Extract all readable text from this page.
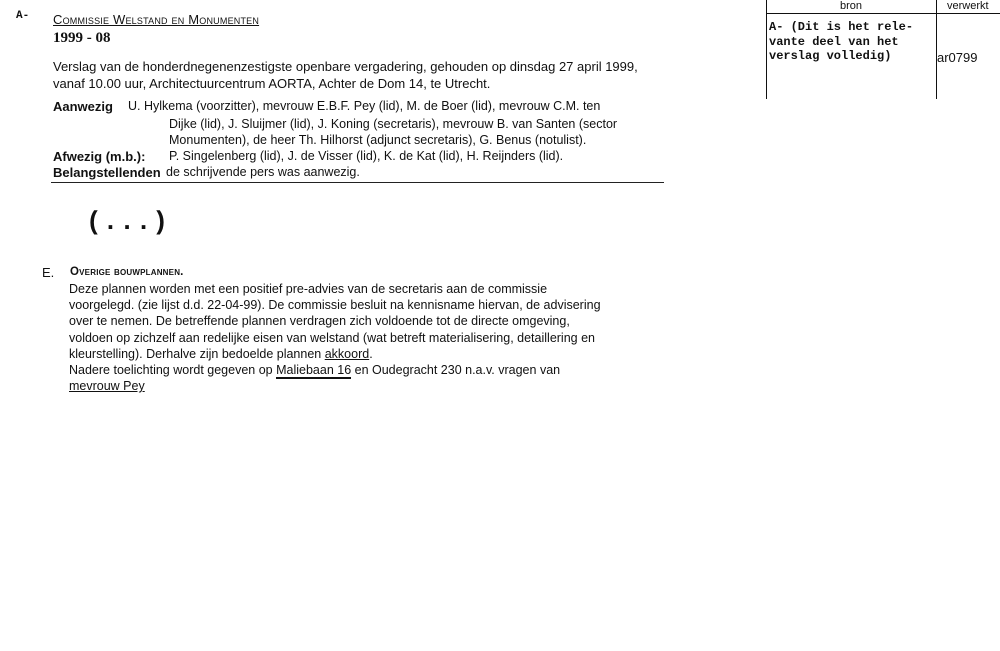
A- Commissie Welstand en Monumenten
1999 - 08
Verslag van de honderdnegenenzestigste openbare vergadering, gehouden op dinsdag 27 april 1999,
vanaf 10.00 uur, Architectuurcentrum AORTA, Achter de Dom 14, te Utrecht.
Aanwezig U. Hylkema (voorzitter), mevrouw E.B.F. Pey (lid), M. de Boer (lid), mevrouw C.M. ten
Dijke (lid), J. Sluijmer (lid), J. Koning (secretaris), mevrouw B. van Santen (sector
Monumenten), de heer Th. Hilhorst (adjunct secretaris), G. Benus (notulist).
Afwezig (m.b.): P. Singelenberg (lid), J. de Visser (lid), K. de Kat (lid), H. Reijnders (lid).
Belangstellenden de schrijvende pers was aanwezig.
(...)
E. Overige bouwplannen.
Deze plannen worden met een positief pre-advies van de secretaris aan de commissie
voorgelegd. (zie lijst d.d. 22-04-99). De commissie besluit na kennisname hiervan, de advisering
over te nemen. De betreffende plannen verdragen zich voldoende tot de directe omgeving,
voldoen op zichzelf aan redelijke eisen van welstand (wat betreft materialisering, detaillering en
kleurstelling). Derhalve zijn bedoelde plannen akkoord.
Nadere toelichting wordt gegeven op Maliebaan 16 en Oudegracht 230 n.a.v. vragen van
mevrouw Pey
bron	verwerkt
A- (Dit is het rele-
vante deel van het
verslag volledig)	ar0799
